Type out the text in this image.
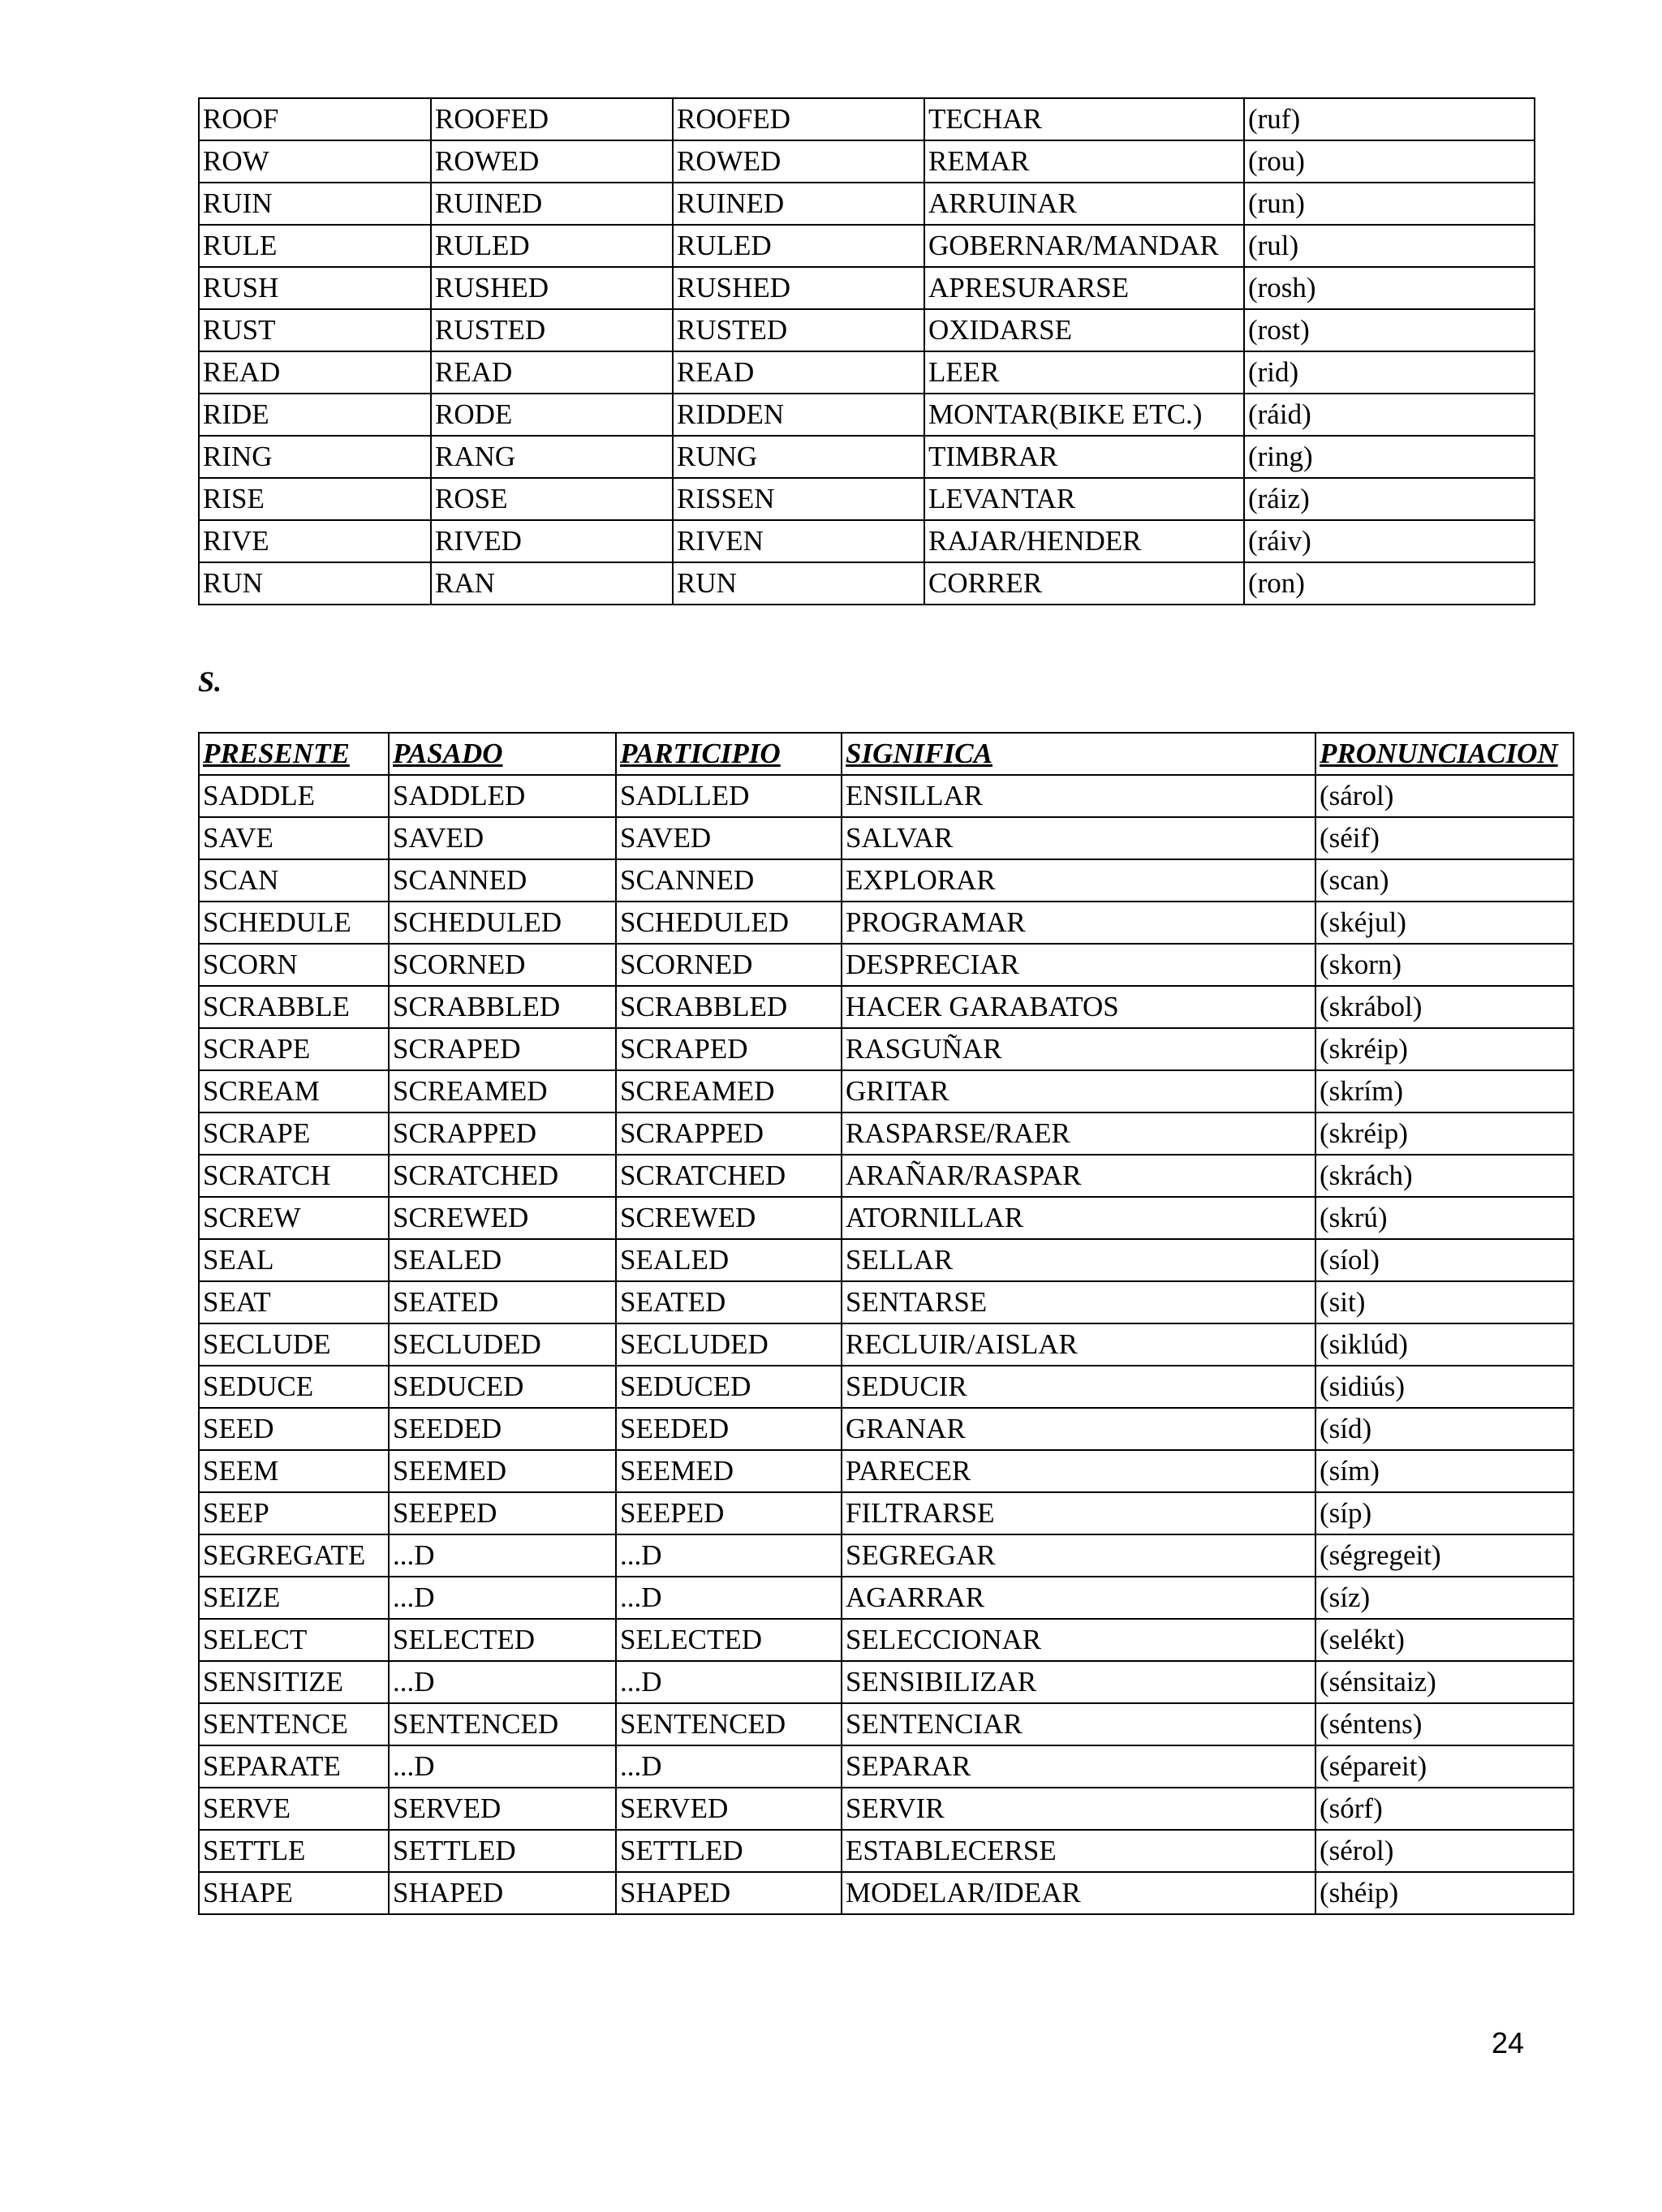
ROOF	ROOFED	ROOFED	TECHAR	(ruf)
ROW	ROWED	ROWED	REMAR	(rou)
RUIN	RUINED	RUINED	ARRUINAR	(run)
RULE	RULED	RULED	GOBERNAR/MANDAR	(rul)
RUSH	RUSHED	RUSHED	APRESURARSE	(rosh)
RUST	RUSTED	RUSTED	OXIDARSE	(rost)
READ	READ	READ	LEER	(rid)
RIDE	RODE	RIDDEN	MONTAR(BIKE ETC.)	(ráid)
RING	RANG	RUNG	TIMBRAR	(ring)
RISE	ROSE	RISSEN	LEVANTAR	(ráiz)
RIVE	RIVED	RIVEN	RAJAR/HENDER	(ráiv)
RUN	RAN	RUN	CORRER	(ron)

S.

PRESENTE	PASADO	PARTICIPIO	SIGNIFICA	PRONUNCIACION
SADDLE	SADDLED	SADLLED	ENSILLAR	(sárol)
SAVE	SAVED	SAVED	SALVAR	(séif)
SCAN	SCANNED	SCANNED	EXPLORAR	(scan)
SCHEDULE	SCHEDULED	SCHEDULED	PROGRAMAR	(skéjul)
SCORN	SCORNED	SCORNED	DESPRECIAR	(skorn)
SCRABBLE	SCRABBLED	SCRABBLED	HACER GARABATOS	(skrábol)
SCRAPE	SCRAPED	SCRAPED	RASGUÑAR	(skréip)
SCREAM	SCREAMED	SCREAMED	GRITAR	(skrím)
SCRAPE	SCRAPPED	SCRAPPED	RASPARSE/RAER	(skréip)
SCRATCH	SCRATCHED	SCRATCHED	ARAÑAR/RASPAR	(skrách)
SCREW	SCREWED	SCREWED	ATORNILLAR	(skrú)
SEAL	SEALED	SEALED	SELLAR	(síol)
SEAT	SEATED	SEATED	SENTARSE	(sit)
SECLUDE	SECLUDED	SECLUDED	RECLUIR/AISLAR	(siklúd)
SEDUCE	SEDUCED	SEDUCED	SEDUCIR	(sidiús)
SEED	SEEDED	SEEDED	GRANAR	(síd)
SEEM	SEEMED	SEEMED	PARECER	(sím)
SEEP	SEEPED	SEEPED	FILTRARSE	(síp)
SEGREGATE	...D	...D	SEGREGAR	(ségregeit)
SEIZE	...D	...D	AGARRAR	(síz)
SELECT	SELECTED	SELECTED	SELECCIONAR	(selékt)
SENSITIZE	...D	...D	SENSIBILIZAR	(sénsitaiz)
SENTENCE	SENTENCED	SENTENCED	SENTENCIAR	(séntens)
SEPARATE	...D	...D	SEPARAR	(sépareit)
SERVE	SERVED	SERVED	SERVIR	(sórf)
SETTLE	SETTLED	SETTLED	ESTABLECERSE	(sérol)
SHAPE	SHAPED	SHAPED	MODELAR/IDEAR	(shéip)

24
